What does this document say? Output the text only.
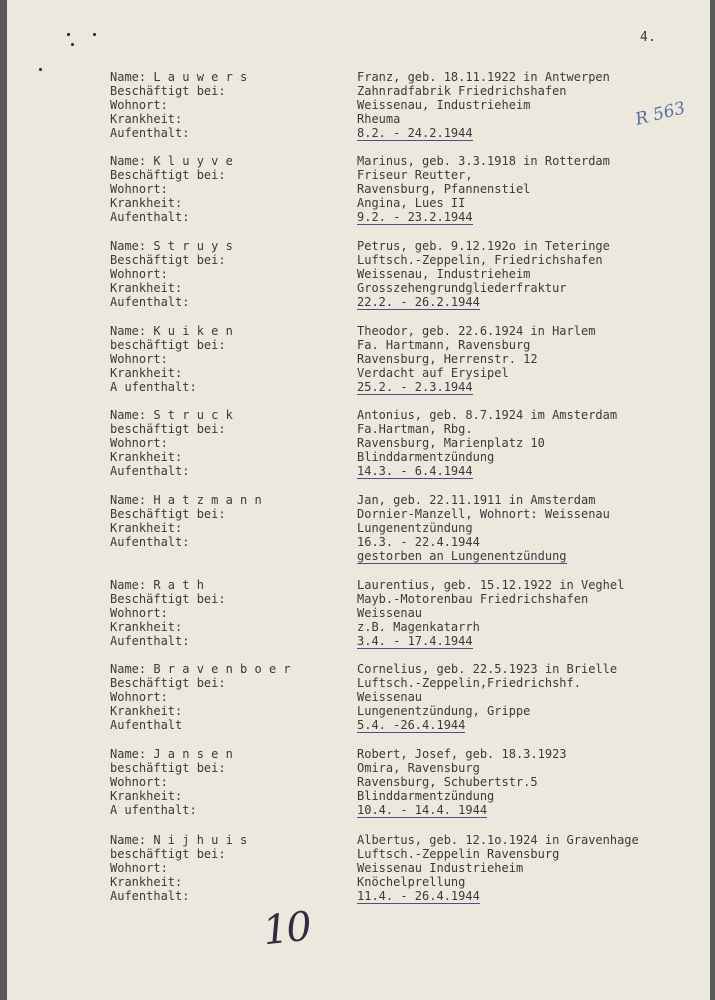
4.
R 563
Name: L a u w e r s
Beschäftigt bei:
Wohnort:
Krankheit:
Aufenthalt:
Franz, geb. 18.11.1922 in Antwerpen
Zahnradfabrik Friedrichshafen
Weissenau, Industrieheim
Rheuma
8.2. - 24.2.1944
Name: K l u y v e
Beschäftigt bei:
Wohnort:
Krankheit:
Aufenthalt:
Marinus, geb. 3.3.1918 in Rotterdam
Friseur Reutter,
Ravensburg, Pfannenstiel
Angina, Lues II
9.2. - 23.2.1944
Name: S t r u y s
Beschäftigt bei:
Wohnort:
Krankheit:
Aufenthalt:
Petrus, geb. 9.12.192o in Teteringe
Luftsch.-Zeppelin, Friedrichshafen
Weissenau, Industrieheim
Grosszehengrundgliederfraktur
22.2. - 26.2.1944
Name: K u i k e n
beschäftigt bei:
Wohnort:
Krankheit:
A ufenthalt:
Theodor, geb. 22.6.1924 in Harlem
Fa. Hartmann, Ravensburg
Ravensburg, Herrenstr. 12
Verdacht auf Erysipel
25.2. - 2.3.1944
Name: S t r u c k
beschäftigt bei:
Wohnort:
Krankheit:
Aufenthalt:
Antonius, geb. 8.7.1924 im Amsterdam
Fa.Hartman, Rbg.
Ravensburg, Marienplatz 10
Blinddarmentzündung
14.3. - 6.4.1944
Name: H a t z m a n n
Beschäftigt bei:
Krankheit:
Aufenthalt:
Jan, geb. 22.11.1911 in Amsterdam
Dornier-Manzell, Wohnort: Weissenau
Lungenentzündung
16.3. - 22.4.1944
gestorben an Lungenentzündung
Name: R a t h
Beschäftigt bei:
Wohnort:
Krankheit:
Aufenthalt:
Laurentius, geb. 15.12.1922 in Veghel
Mayb.-Motorenbau Friedrichshafen
Weissenau
z.B. Magenkatarrh
3.4. - 17.4.1944
Name: B r a v e n b o e r
Beschäftigt bei:
Wohnort:
Krankheit:
Aufenthalt
Cornelius, geb. 22.5.1923 in Brielle
Luftsch.-Zeppelin,Friedrichshf.
Weissenau
Lungenentzündung, Grippe
5.4. -26.4.1944
Name: J a n s e n
beschäftigt bei:
Wohnort:
Krankheit:
A ufenthalt:
Robert, Josef, geb. 18.3.1923
Omira, Ravensburg
Ravensburg, Schubertstr.5
Blinddarmentzündung
10.4. - 14.4. 1944
Name: N i j h u i s
beschäftigt bei:
Wohnort:
Krankheit:
Aufenthalt:
Albertus, geb. 12.1o.1924 in Gravenhage
Luftsch.-Zeppelin Ravensburg
Weissenau Industrieheim
Knöchelprellung
11.4. - 26.4.1944
10
